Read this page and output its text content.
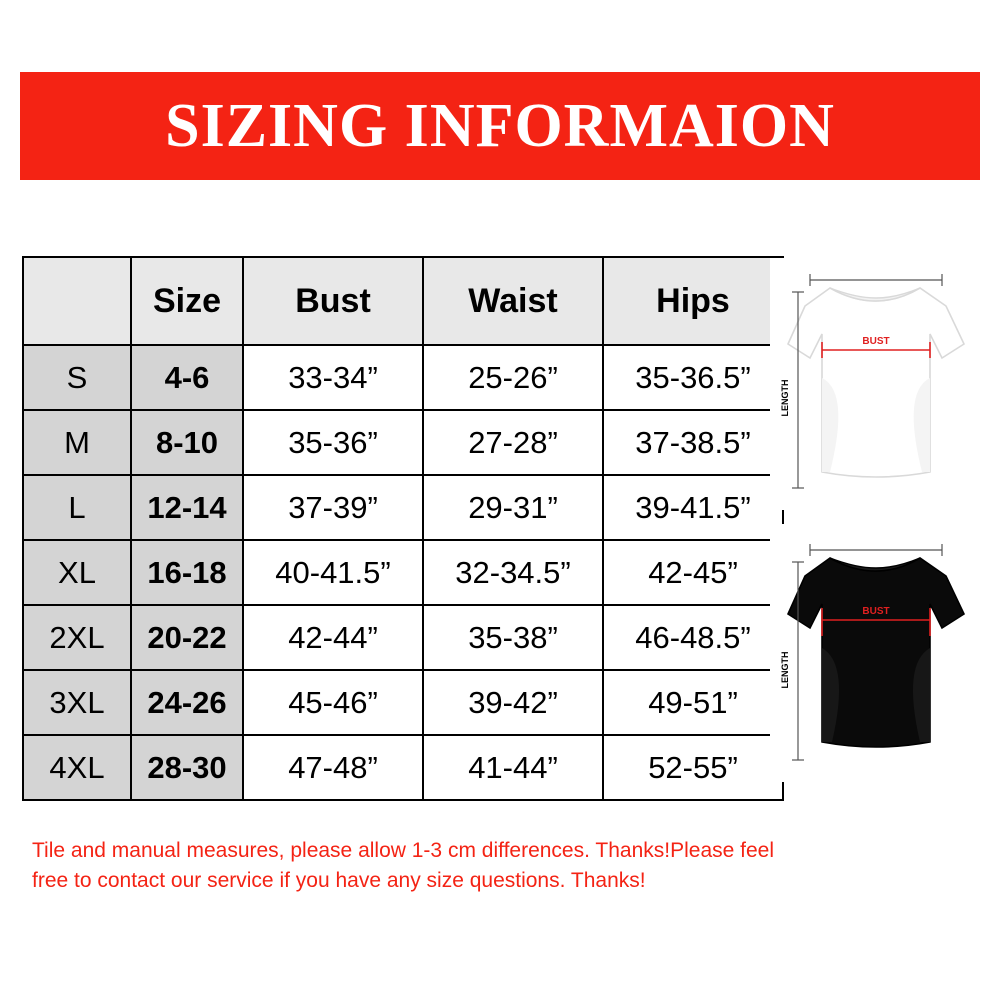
SIZING INFORMAION
	Size	Bust	Waist	Hips
S	4-6	33-34”	25-26”	35-36.5”
M	8-10	35-36”	27-28”	37-38.5”
L	12-14	37-39”	29-31”	39-41.5”
XL	16-18	40-41.5”	32-34.5”	42-45”
2XL	20-22	42-44”	35-38”	46-48.5”
3XL	24-26	45-46”	39-42”	49-51”
4XL	28-30	47-48”	41-44”	52-55”
LENGTH
BUST
LENGTH
BUST
Tile and manual measures, please allow 1-3 cm differences. Thanks!Please feel
free to contact our service if you have any size questions. Thanks!
